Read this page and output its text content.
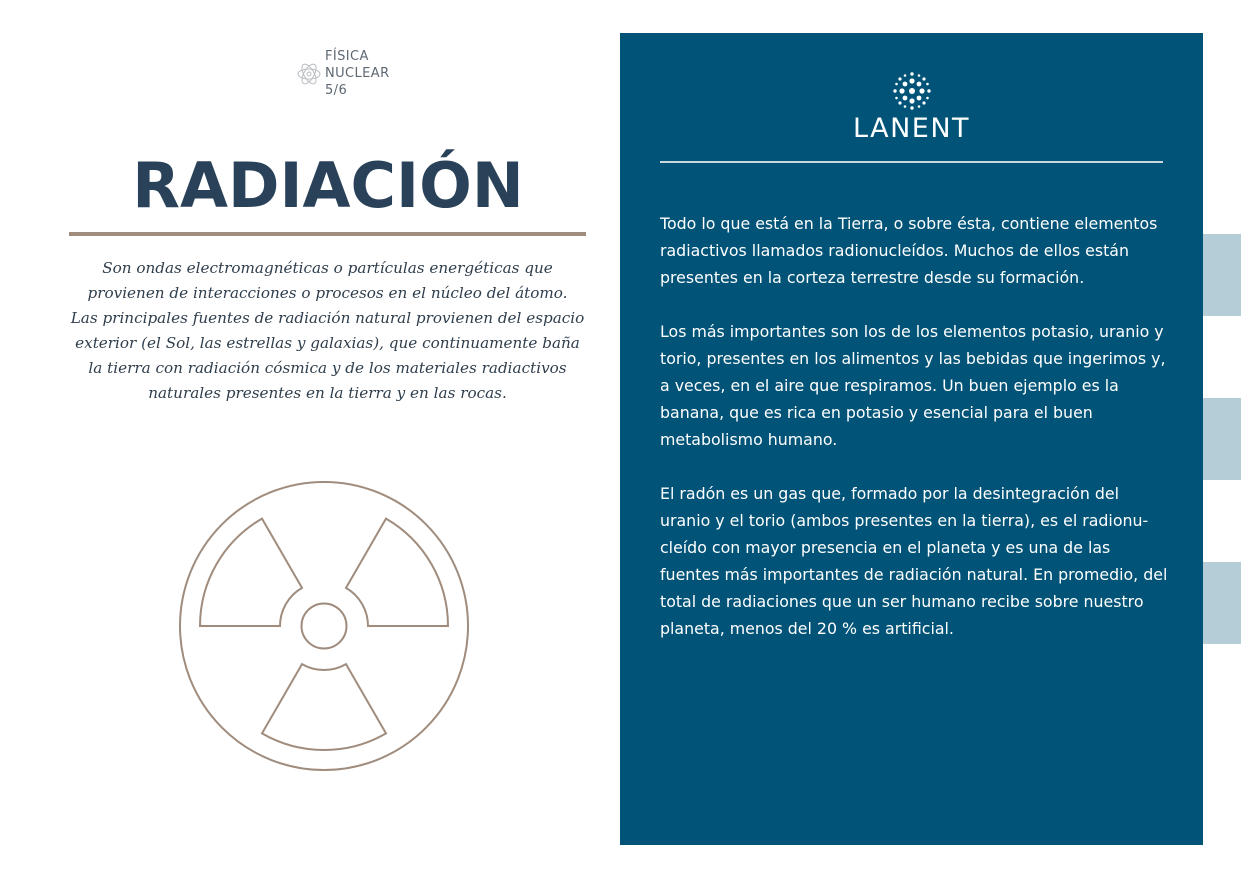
FÍSICA
NUCLEAR
5/6
RADIACIÓN

Son ondas electromagnéticas o partículas energéticas que provienen de interacciones o procesos en el núcleo del átomo.

Las principales fuentes de radiación natural provienen del espacio exterior (el Sol, las estrellas y galaxias), que continuamente baña la tierra con radiación cósmica y de los materiales radiactivos naturales presentes en la tierra y en las rocas.

LANENT

Todo lo que está en la Tierra, o sobre ésta, contiene elementos radiactivos llamados radionucleídos. Muchos de ellos están presentes en la corteza terrestre desde su formación.

Los más importantes son los de los elementos potasio, uranio y torio, presentes en los alimentos y las bebidas que ingerimos y, a veces, en el aire que respiramos. Un buen ejemplo es la banana, que es rica en potasio y esencial para el buen metabolismo humano.

El radón es un gas que, formado por la desintegración del uranio y el torio (ambos presentes en la tierra), es el radionucleído con mayor presencia en el planeta y es una de las fuentes más importantes de radiación natural. En promedio, del total de radiaciones que un ser humano recibe sobre nuestro planeta, menos del 20 % es artificial.
